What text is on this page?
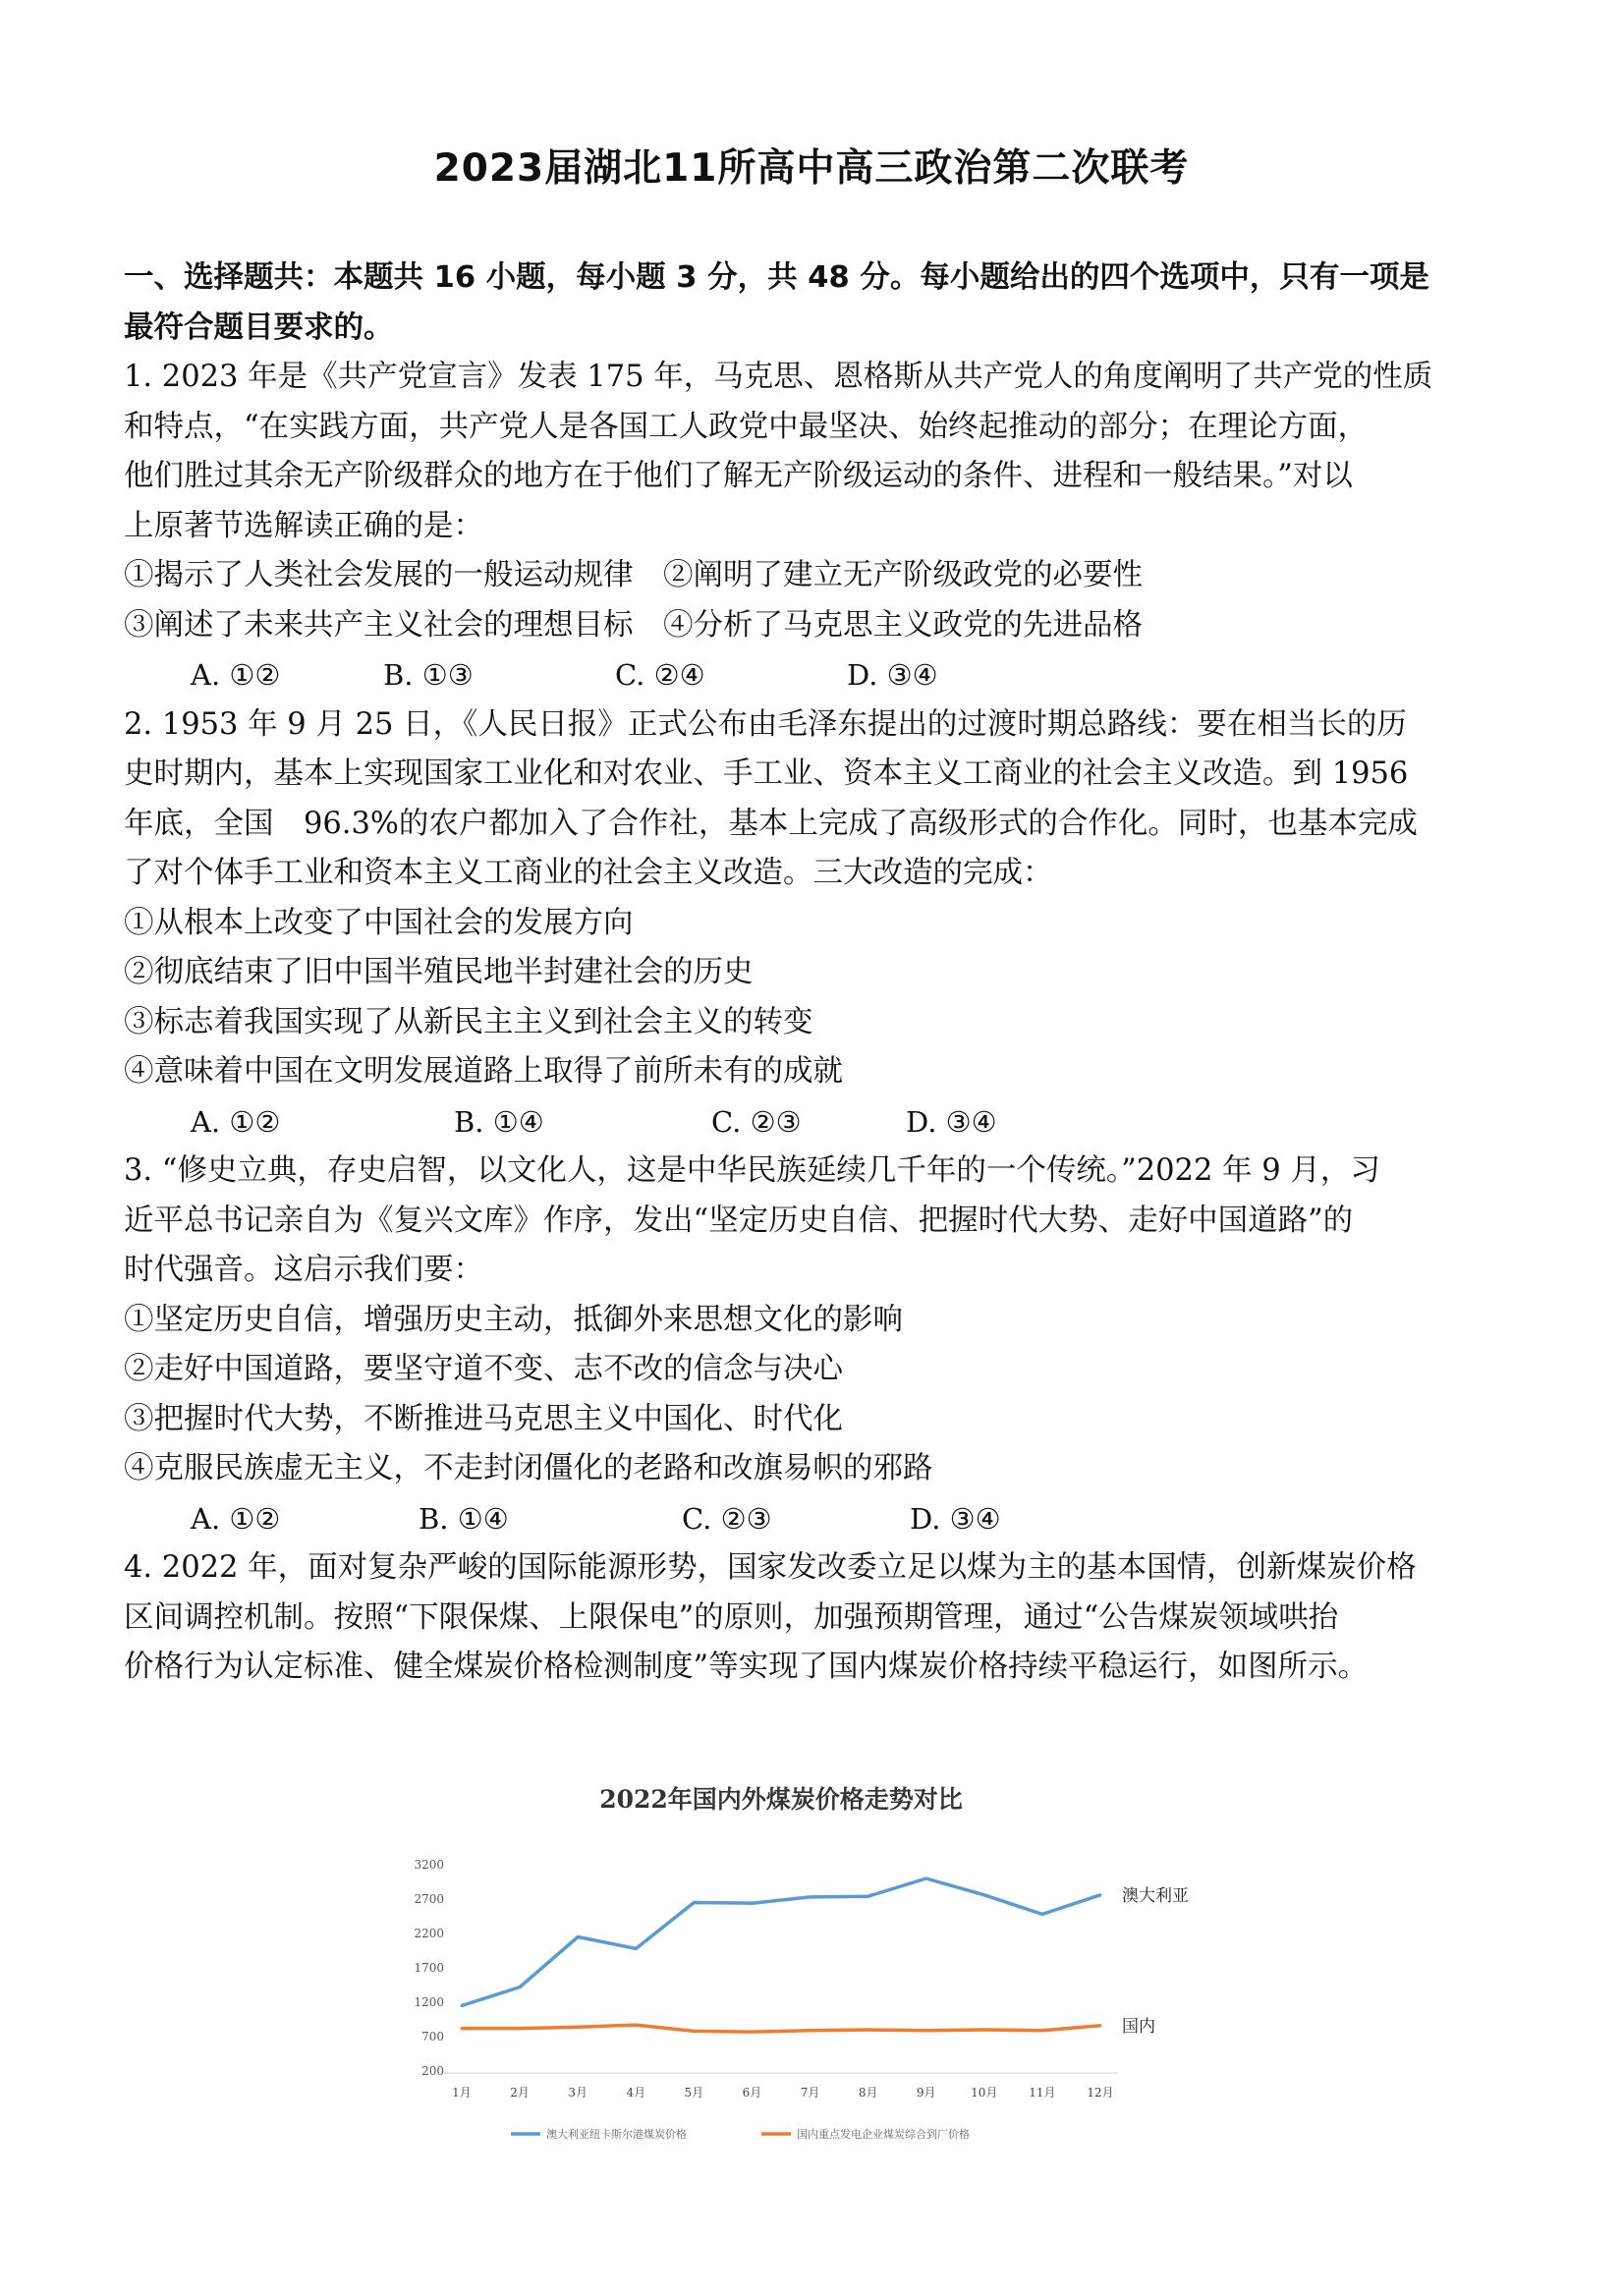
2023届湖北11所高中高三政治第二次联考
一、选择题共：本题共 16 小题，每小题 3 分，共 48 分。每小题给出的四个选项中，只有一项是
最符合题目要求的。
1. 2023 年是《共产党宣言》发表 175 年，马克思、恩格斯从共产党人的角度阐明了共产党的性质
和特点，“在实践方面，共产党人是各国工人政党中最坚决、始终起推动的部分；在理论方面，
他们胜过其余无产阶级群众的地方在于他们了解无产阶级运动的条件、进程和一般结果。”对以
上原著节选解读正确的是：
①揭示了人类社会发展的一般运动规律　②阐明了建立无产阶级政党的必要性
③阐述了未来共产主义社会的理想目标　④分析了马克思主义政党的先进品格
A. ①②	B. ①③	C. ②④	D. ③④
2. 1953 年 9 月 25 日，《人民日报》正式公布由毛泽东提出的过渡时期总路线：要在相当长的历
史时期内，基本上实现国家工业化和对农业、手工业、资本主义工商业的社会主义改造。到 1956
年底，全国　96.3%的农户都加入了合作社，基本上完成了高级形式的合作化。同时，也基本完成
了对个体手工业和资本主义工商业的社会主义改造。三大改造的完成：
①从根本上改变了中国社会的发展方向
②彻底结束了旧中国半殖民地半封建社会的历史
③标志着我国实现了从新民主主义到社会主义的转变
④意味着中国在文明发展道路上取得了前所未有的成就
A. ①②	B. ①④	C. ②③	D. ③④
3. “修史立典，存史启智，以文化人，这是中华民族延续几千年的一个传统。”2022 年 9 月，习
近平总书记亲自为《复兴文库》作序，发出“坚定历史自信、把握时代大势、走好中国道路”的
时代强音。这启示我们要：
①坚定历史自信，增强历史主动，抵御外来思想文化的影响
②走好中国道路，要坚守道不变、志不改的信念与决心
③把握时代大势，不断推进马克思主义中国化、时代化
④克服民族虚无主义，不走封闭僵化的老路和改旗易帜的邪路
A. ①②	B. ①④	C. ②③	D. ③④
4. 2022 年，面对复杂严峻的国际能源形势，国家发改委立足以煤为主的基本国情，创新煤炭价格
区间调控机制。按照“下限保煤、上限保电”的原则，加强预期管理，通过“公告煤炭领域哄抬
价格行为认定标准、健全煤炭价格检测制度”等实现了国内煤炭价格持续平稳运行，如图所示。
2022年国内外煤炭价格走势对比
3200
2700
2200
1700
1200
700
200
1月	2月	3月	4月	5月	6月	7月	8月	9月	10月	11月	12月
澳大利亚
国内
澳大利亚纽卡斯尔港煤炭价格	国内重点发电企业煤炭综合到厂价格
